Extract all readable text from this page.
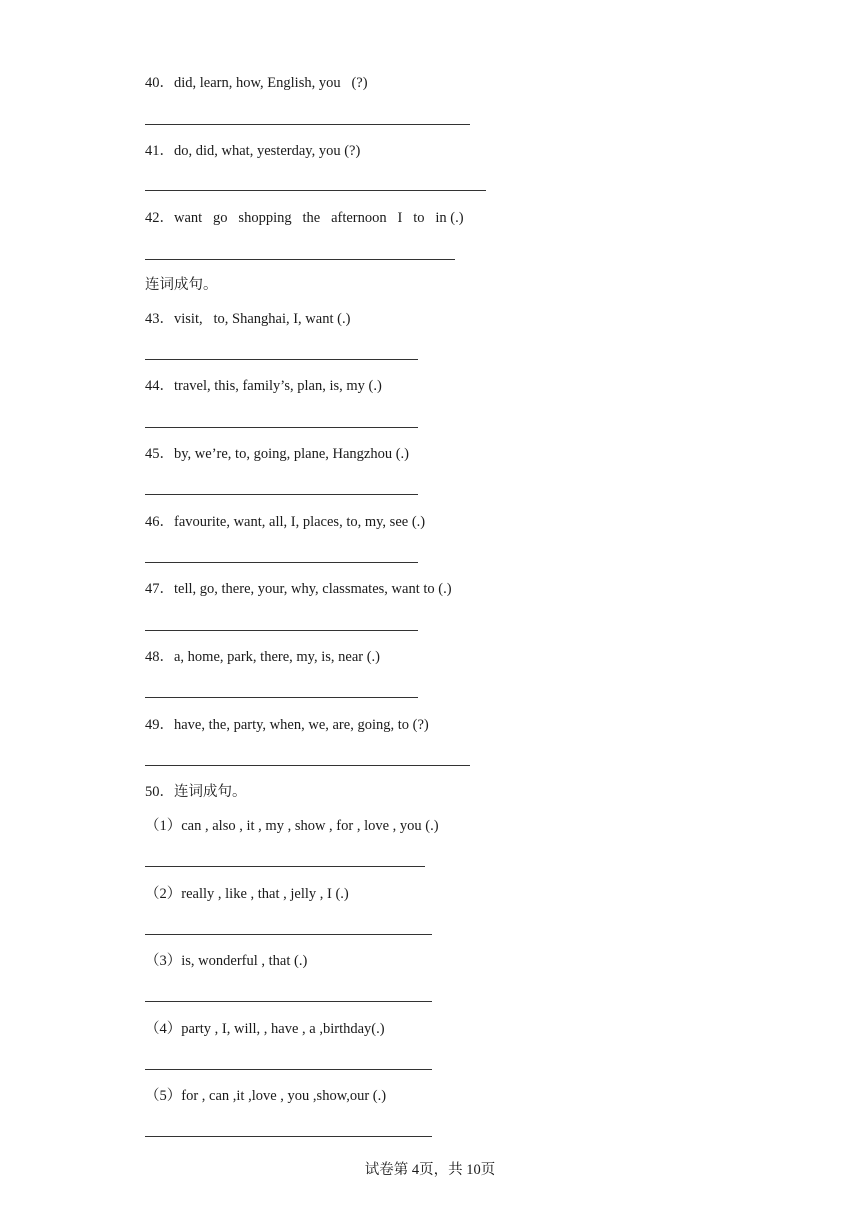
40．did, learn, how, English, you   (?)
41．do, did, what, yesterday, you (?)
42．want   go   shopping   the   afternoon   I   to   in (.)
连词成句。
43．visit,   to, Shanghai, I, want (.)
44．travel, this, family’s, plan, is, my (.)
45．by, we’re, to, going, plane, Hangzhou (.)
46．favourite, want, all, I, places, to, my, see (.)
47．tell, go, there, your, why, classmates, want to (.)
48．a, home, park, there, my, is, near (.)
49．have, the, party, when, we, are, going, to (?)
50．连词成句。
（1）can , also , it , my , show , for , love , you (.)
（2）really , like , that , jelly , I (.)
（3）is, wonderful , that (.)
（4）party , I, will, , have , a ,birthday(.)
（5）for , can ,it ,love , you ,show,our (.)
试卷第 4页，共 10页
